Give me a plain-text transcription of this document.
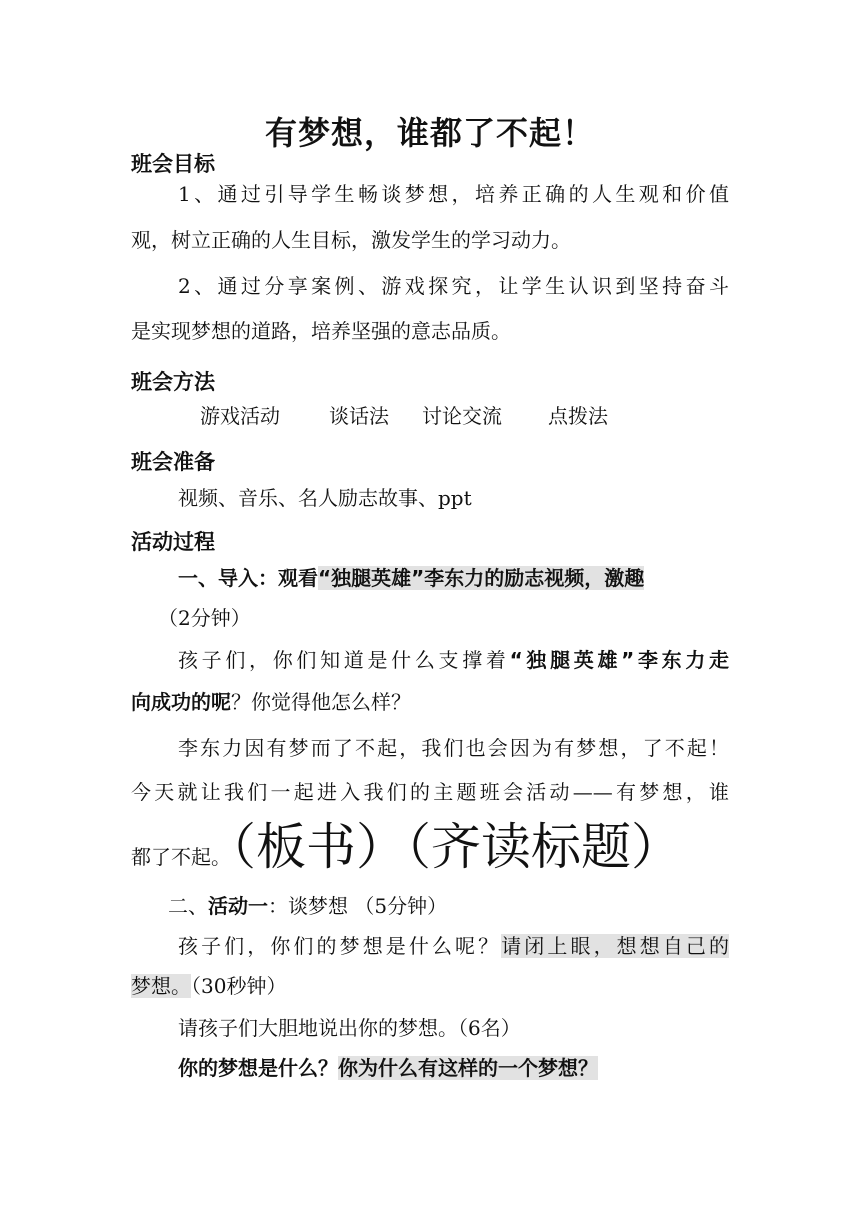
有梦想，谁都了不起！
班会目标
1、通过引导学生畅谈梦想，培养正确的人生观和价值
观，树立正确的人生目标，激发学生的学习动力。
2、通过分享案例、游戏探究，让学生认识到坚持奋斗
是实现梦想的道路，培养坚强的意志品质。
班会方法
游戏活动 谈话法 讨论交流 点拨法
班会准备
视频、音乐、名人励志故事、ppt
活动过程
一、导入：观看“独腿英雄”李东力的励志视频，激趣
（2分钟）
孩子们，你们知道是什么支撑着“独腿英雄”李东力走
向成功的呢？你觉得他怎么样？
李东力因有梦而了不起，我们也会因为有梦想，了不起！
今天就让我们一起进入我们的主题班会活动——有梦想，谁
都了不起。（板书）（齐读标题）
二、活动一：谈梦想 （5分钟）
孩子们，你们的梦想是什么呢？请闭上眼，想想自己的
梦想。（30秒钟）
请孩子们大胆地说出你的梦想。（6名）
你的梦想是什么？你为什么有这样的一个梦想？
